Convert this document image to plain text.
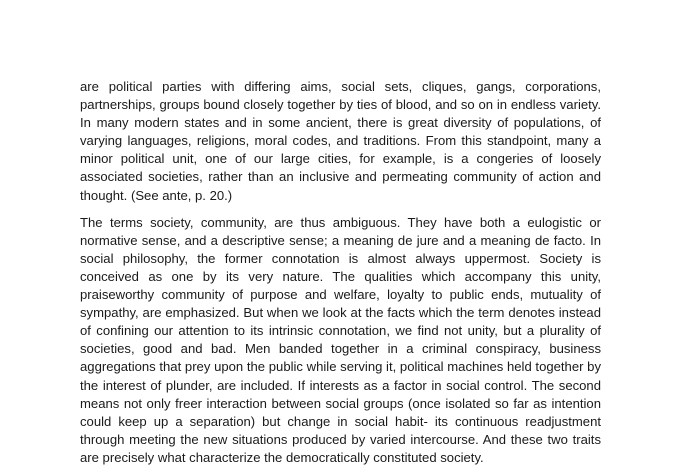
are political parties with differing aims, social sets, cliques, gangs, corporations, partnerships, groups bound closely together by ties of blood, and so on in endless variety. In many modern states and in some ancient, there is great diversity of populations, of varying languages, religions, moral codes, and traditions. From this standpoint, many a minor political unit, one of our large cities, for example, is a congeries of loosely associated societies, rather than an inclusive and permeating community of action and thought. (See ante, p. 20.)

The terms society, community, are thus ambiguous. They have both a eulogistic or normative sense, and a descriptive sense; a meaning de jure and a meaning de facto. In social philosophy, the former connotation is almost always uppermost. Society is conceived as one by its very nature. The qualities which accompany this unity, praiseworthy community of purpose and welfare, loyalty to public ends, mutuality of sympathy, are emphasized. But when we look at the facts which the term denotes instead of confining our attention to its intrinsic connotation, we find not unity, but a plurality of societies, good and bad. Men banded together in a criminal conspiracy, business aggregations that prey upon the public while serving it, political machines held together by the interest of plunder, are included. If interests as a factor in social control. The second means not only freer interaction between social groups (once isolated so far as intention could keep up a separation) but change in social habit- its continuous readjustment through meeting the new situations produced by varied intercourse. And these two traits are precisely what characterize the democratically constituted society.
